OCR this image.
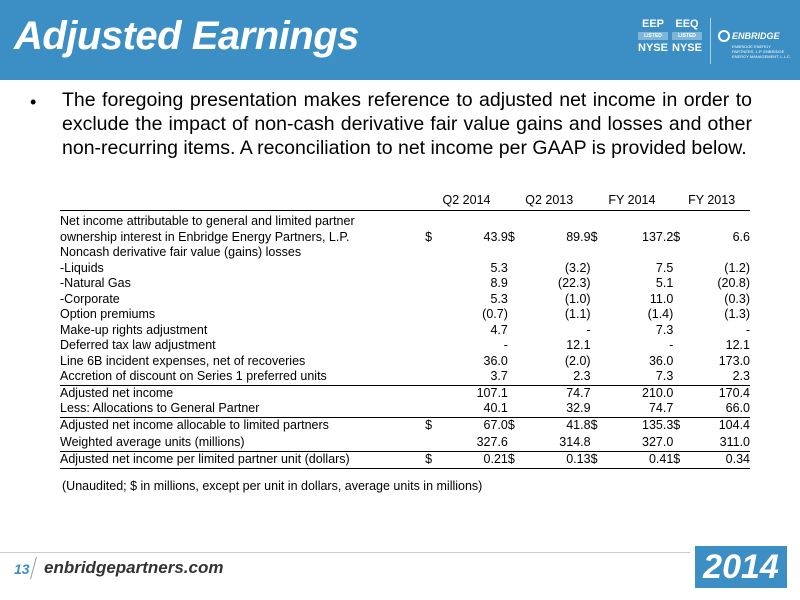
Adjusted Earnings	EEP
LISTED
NYSE
EEQ
LISTED
NYSE
ENBRIDGE
ENBRIDGE ENERGY PARTNERS, L.P. ENBRIDGE ENERGY MANAGEMENT, L.L.C.
• The foregoing presentation makes reference to adjusted net income in order to exclude the impact of non-cash derivative fair value gains and losses and other non-recurring items. A reconciliation to net income per GAAP is provided below.
	Q2 2014		Q2 2013		FY 2014		FY 2013	

Net income attributable to general and limited partner								
ownership interest in Enbridge Energy Partners, L.P.	$	43.9	$	89.9	$	137.2	$	6.6
Noncash derivative fair value (gains) losses								
-Liquids		5.3		(3.2)		7.5		(1.2)
-Natural Gas		8.9		(22.3)		5.1		(20.8)
-Corporate		5.3		(1.0)		11.0		(0.3)
Option premiums		(0.7)		(1.1)		(1.4)		(1.3)
Make-up rights adjustment		4.7		-		7.3		-
Deferred tax law adjustment		-		12.1		-		12.1
Line 6B incident expenses, net of recoveries		36.0		(2.0)		36.0		173.0
Accretion of discount on Series 1 preferred units		3.7		2.3		7.3		2.3
Adjusted net income		107.1		74.7		210.0		170.4
Less: Allocations to General Partner		40.1		32.9		74.7		66.0
Adjusted net income allocable to limited partners	$	67.0	$	41.8	$	135.3	$	104.4
Weighted average units (millions)		327.6		314.8		327.0		311.0
Adjusted net income per limited partner unit (dollars)	$	0.21	$	0.13	$	0.41	$	0.34
(Unaudited; $ in millions, except per unit in dollars, average units in millions)
13 enbridgepartners.com	2014
